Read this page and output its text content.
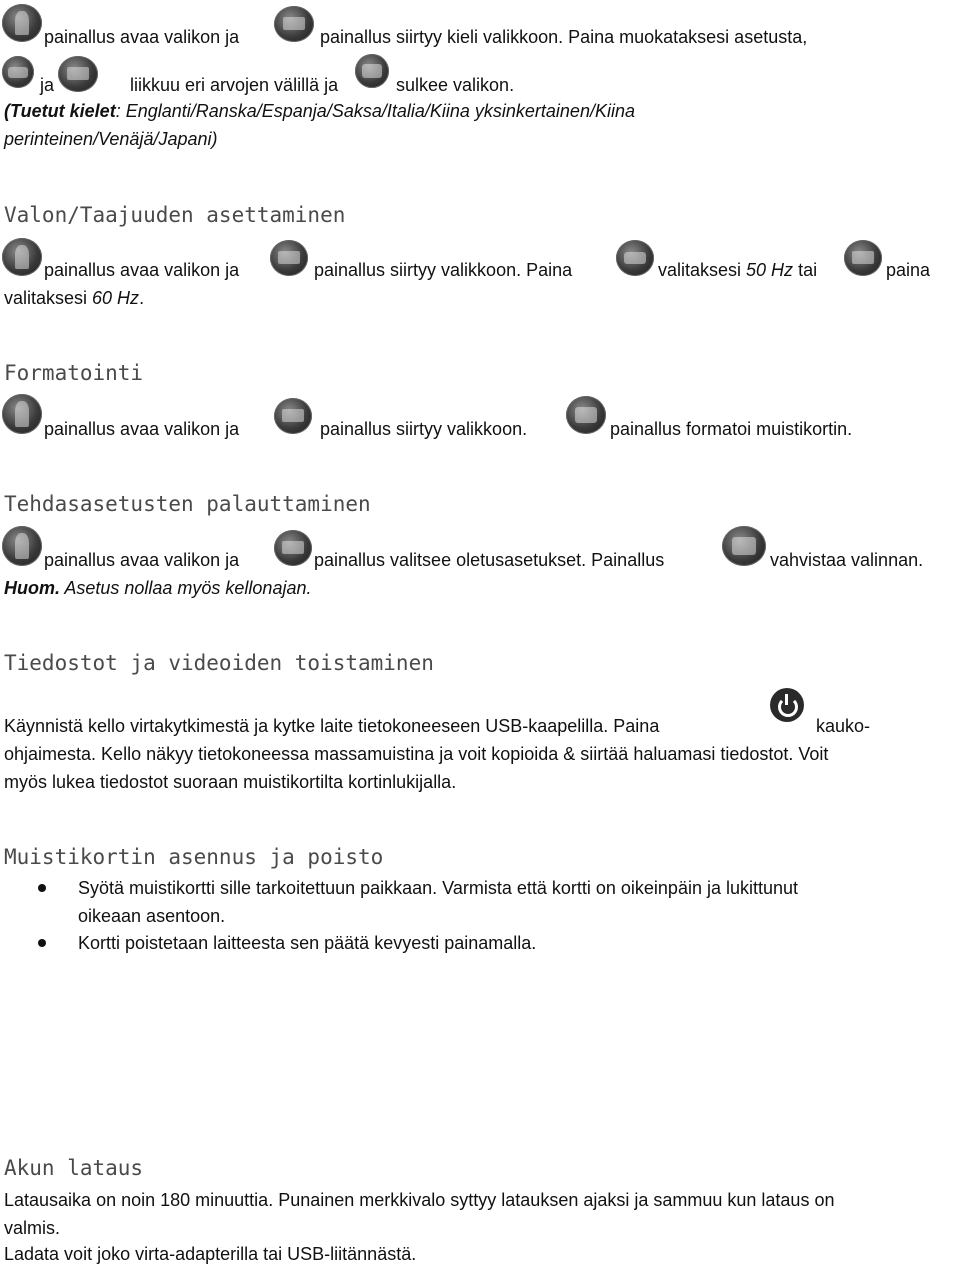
painallus avaa valikon ja	painallus siirtyy kieli valikkoon. Paina muokataksesi asetusta,
ja	liikkuu eri arvojen välillä ja	sulkee valikon.
(Tuetut kielet: Englanti/Ranska/Espanja/Saksa/Italia/Kiina yksinkertainen/Kiina
perinteinen/Venäjä/Japani)
Valon/Taajuuden asettaminen
painallus avaa valikon ja	painallus siirtyy valikkoon. Paina	valitaksesi 50 Hz tai	paina
valitaksesi 60 Hz.
Formatointi
painallus avaa valikon ja	painallus siirtyy valikkoon.	painallus formatoi muistikortin.
Tehdasasetusten palauttaminen
painallus avaa valikon ja	painallus valitsee oletusasetukset. Painallus	vahvistaa valinnan.
Huom. Asetus nollaa myös kellonajan.
Tiedostot ja videoiden toistaminen
Käynnistä kello virtakytkimestä ja kytke laite tietokoneeseen USB-kaapelilla. Paina	kauko-
ohjaimesta. Kello näkyy tietokoneessa massamuistina ja voit kopioida & siirtää haluamasi tiedostot. Voit
myös lukea tiedostot suoraan muistikortilta kortinlukijalla.
Muistikortin asennus ja poisto
Syötä muistikortti sille tarkoitettuun paikkaan. Varmista että kortti on oikeinpäin ja lukittunut
oikeaan asentoon.
Kortti poistetaan laitteesta sen päätä kevyesti painamalla.
Akun lataus
Latausaika on noin 180 minuuttia. Punainen merkkivalo syttyy latauksen ajaksi ja sammuu kun lataus on
valmis.
Ladata voit joko virta-adapterilla tai USB-liitännästä.
